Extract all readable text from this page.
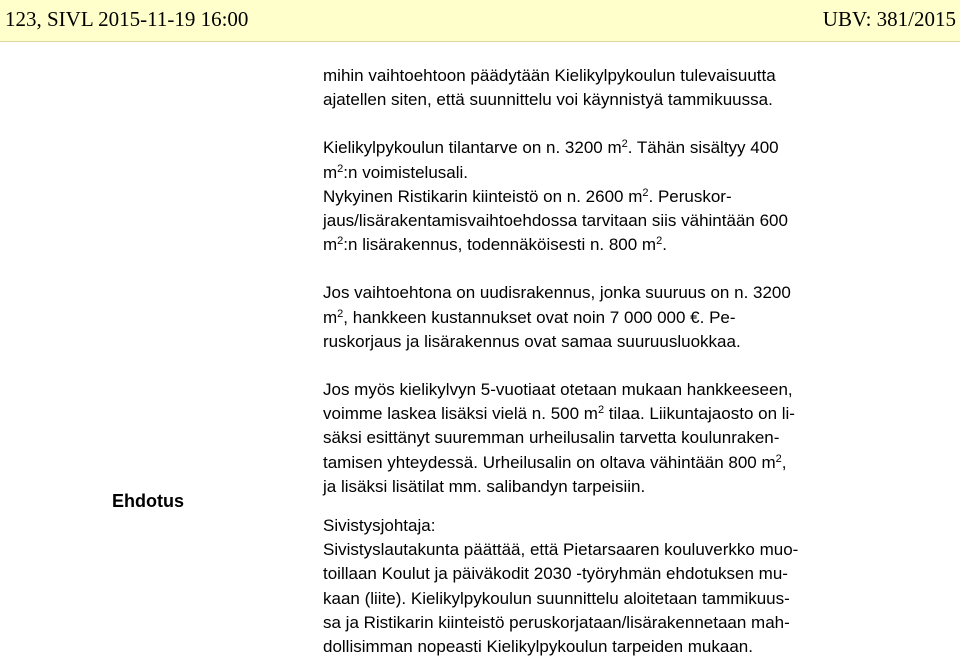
123, SIVL 2015-11-19 16:00	UBV: 381/2015

mihin vaihtoehtoon päädytään Kielikylpykoulun tulevaisuutta
ajatellen siten, että suunnittelu voi käynnistyä tammikuussa.

Kielikylpykoulun tilantarve on n. 3200 $m^2$. Tähän sisältyy 400
$m^2:n$ voimistelusali.
Nykyinen Ristikarin kiinteistö on n. 2600 $m^2$. Peruskor-
jaus/lisärakentamisvaihtoehdossa tarvitaan siis vähintään 600
$m^2:n$ lisärakennus, todennäköisesti n. 800 $m^2$.

Jos vaihtoehtona on uudisrakennus, jonka suuruus on n. 3200
$m^2$, hankkeen kustannukset ovat noin 7 000 000 €. Pe-
ruskorjaus ja lisärakennus ovat samaa suuruusluokkaa.

Jos myös kielikylvyn 5-vuotiaat otetaan mukaan hankkeeseen,
voimme laskea lisäksi vielä n. 500 $m^2$ tilaa. Liikuntajaosto on li-
säksi esittänyt suuremman urheilusalin tarvetta koulunraken-
tamisen yhteydessä. Urheilusalin on oltava vähintään 800 $m^2$,
ja lisäksi lisätilat mm. salibandyn tarpeisiin.

Ehdotus

Sivistysjohtaja:

Sivistyslautakunta päättää, että Pietarsaaren kouluverkko muo-
toillaan Koulut ja päiväkodit 2030 -työryhmän ehdotuksen mu-
kaan (liite). Kielikylpykoulun suunnittelu aloitetaan tammikuus-
sa ja Ristikarin kiinteistö peruskorjataan/lisärakennetaan mah-
dollisimman nopeasti Kielikylpykoulun tarpeiden mukaan.
